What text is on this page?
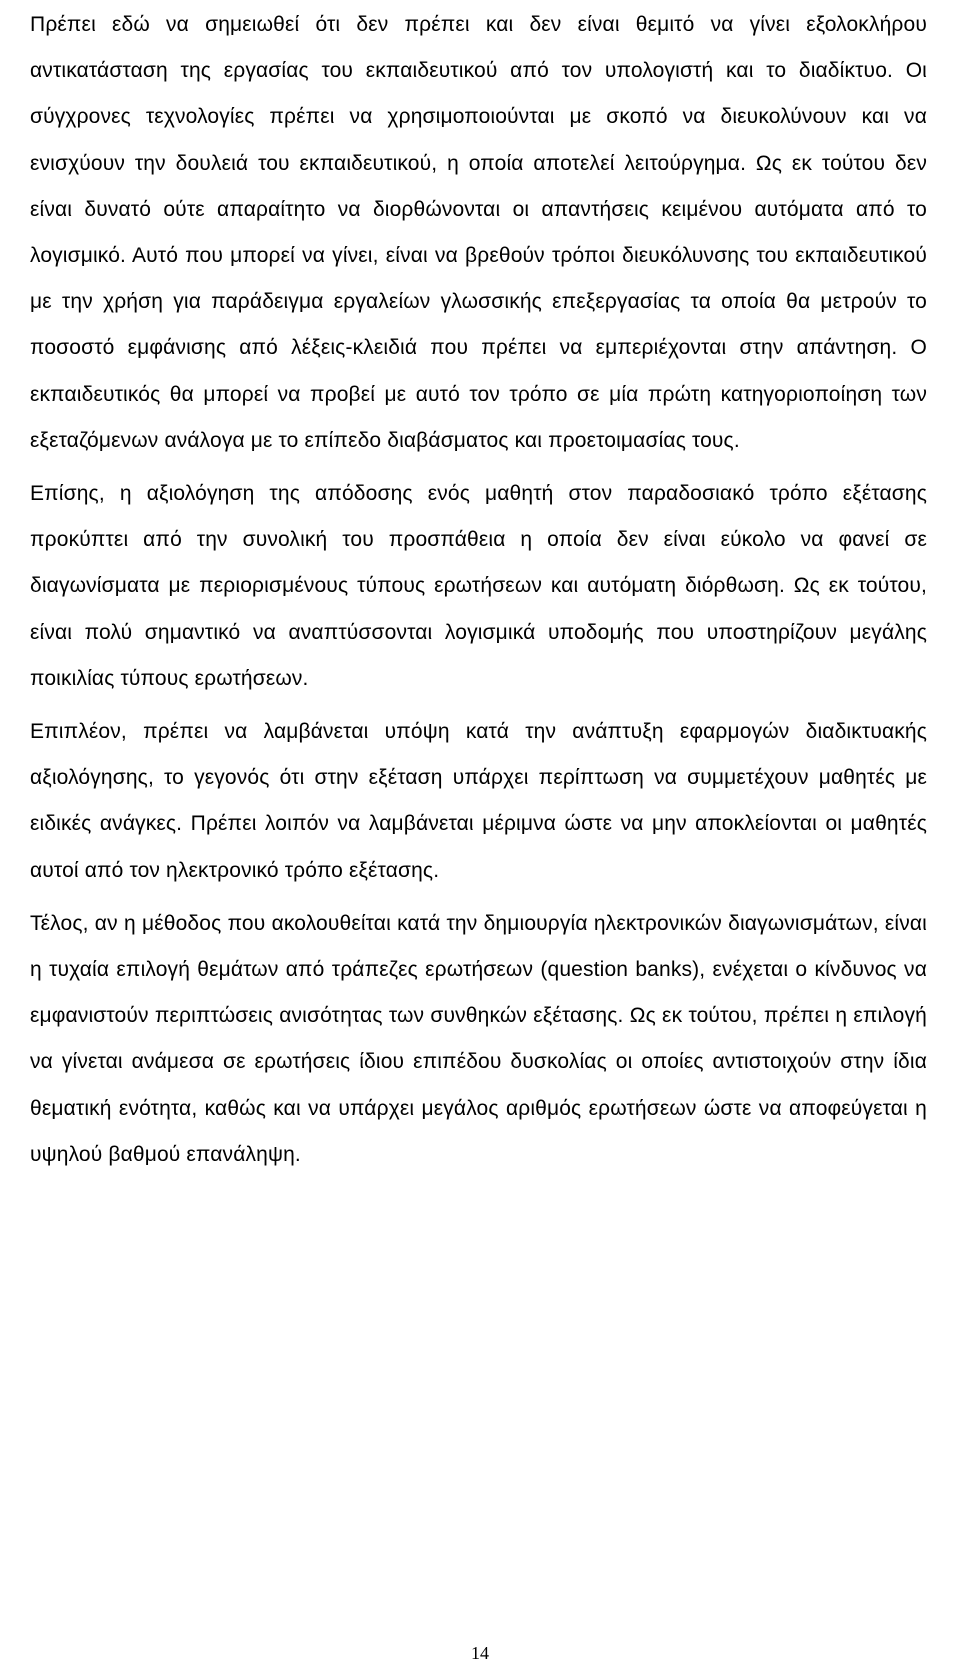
Πρέπει εδώ να σημειωθεί ότι δεν πρέπει και δεν είναι θεμιτό να γίνει εξολοκλήρου αντικατάσταση της εργασίας του εκπαιδευτικού από τον υπολογιστή και το διαδίκτυο. Οι σύγχρονες τεχνολογίες πρέπει να χρησιμοποιούνται με σκοπό να διευκολύνουν και να ενισχύουν την δουλειά του εκπαιδευτικού, η οποία αποτελεί λειτούργημα. Ως εκ τούτου δεν είναι δυνατό ούτε απαραίτητο να διορθώνονται οι απαντήσεις κειμένου αυτόματα από το λογισμικό. Αυτό που μπορεί να γίνει, είναι να βρεθούν τρόποι διευκόλυνσης του εκπαιδευτικού με την χρήση για παράδειγμα εργαλείων γλωσσικής επεξεργασίας τα οποία θα μετρούν το ποσοστό εμφάνισης από λέξεις-κλειδιά που πρέπει να εμπεριέχονται στην απάντηση. Ο εκπαιδευτικός θα μπορεί να προβεί με αυτό τον τρόπο σε μία πρώτη κατηγοριοποίηση των εξεταζόμενων ανάλογα με το επίπεδο διαβάσματος και προετοιμασίας τους.

Επίσης, η αξιολόγηση της απόδοσης ενός μαθητή στον παραδοσιακό τρόπο εξέτασης προκύπτει από την συνολική του προσπάθεια η οποία δεν είναι εύκολο να φανεί σε διαγωνίσματα με περιορισμένους τύπους ερωτήσεων και αυτόματη διόρθωση. Ως εκ τούτου, είναι πολύ σημαντικό να αναπτύσσονται λογισμικά υποδομής που υποστηρίζουν μεγάλης ποικιλίας τύπους ερωτήσεων.

Επιπλέον, πρέπει να λαμβάνεται υπόψη κατά την ανάπτυξη εφαρμογών διαδικτυακής αξιολόγησης, το γεγονός ότι στην εξέταση υπάρχει περίπτωση να συμμετέχουν μαθητές με ειδικές ανάγκες. Πρέπει λοιπόν να λαμβάνεται μέριμνα ώστε να μην αποκλείονται οι μαθητές αυτοί από τον ηλεκτρονικό τρόπο εξέτασης.

Τέλος, αν η μέθοδος που ακολουθείται κατά την δημιουργία ηλεκτρονικών διαγωνισμάτων, είναι η τυχαία επιλογή θεμάτων από τράπεζες ερωτήσεων (question banks), ενέχεται ο κίνδυνος να εμφανιστούν περιπτώσεις ανισότητας των συνθηκών εξέτασης. Ως εκ τούτου, πρέπει η επιλογή να γίνεται ανάμεσα σε ερωτήσεις ίδιου επιπέδου δυσκολίας οι οποίες αντιστοιχούν στην ίδια θεματική ενότητα, καθώς και να υπάρχει μεγάλος αριθμός ερωτήσεων ώστε να αποφεύγεται η υψηλού βαθμού επανάληψη.

14
